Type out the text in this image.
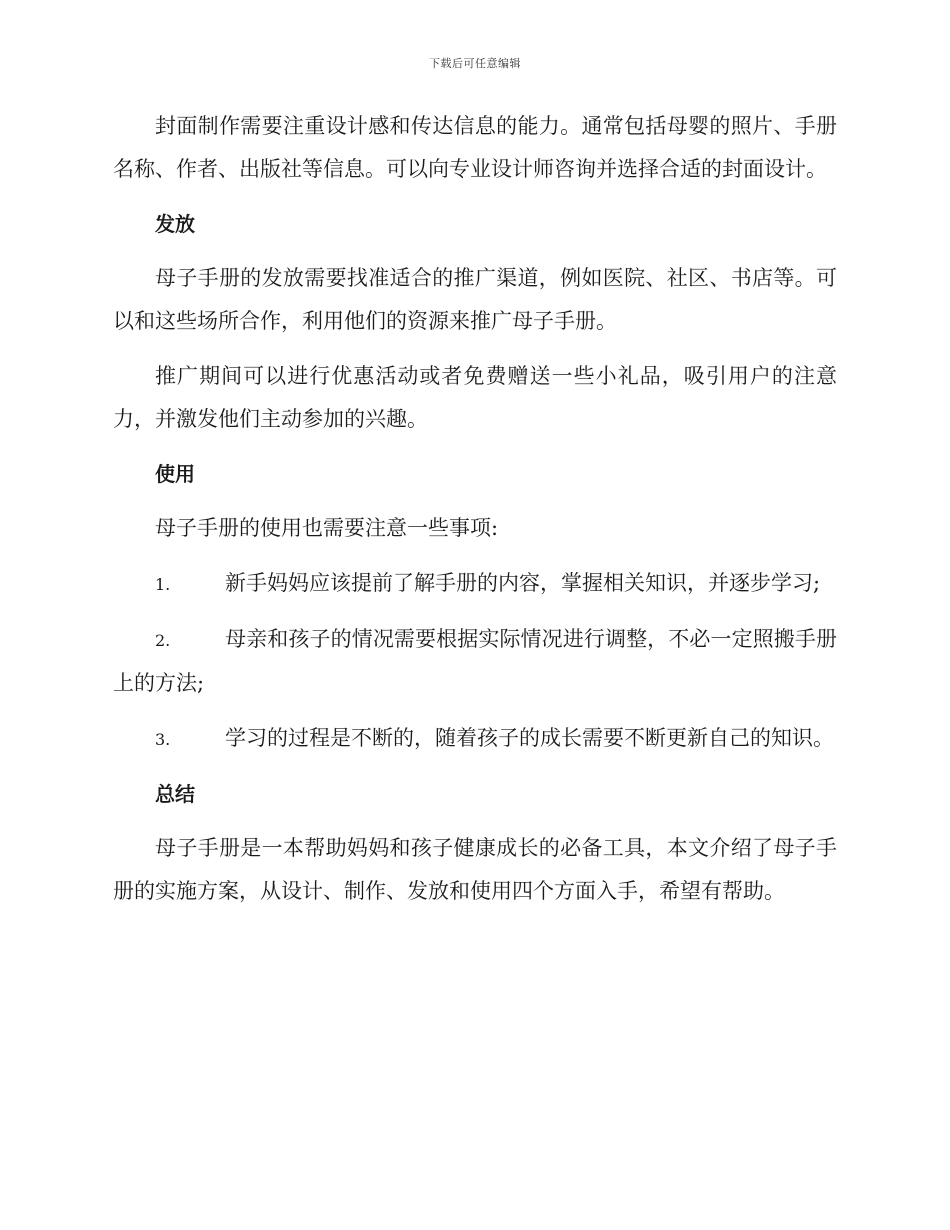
下载后可任意编辑

封面制作需要注重设计感和传达信息的能力。通常包括母婴的照片、手册名称、作者、出版社等信息。可以向专业设计师咨询并选择合适的封面设计。

发放

母子手册的发放需要找准适合的推广渠道，例如医院、社区、书店等。可以和这些场所合作，利用他们的资源来推广母子手册。

推广期间可以进行优惠活动或者免费赠送一些小礼品，吸引用户的注意力，并激发他们主动参加的兴趣。

使用

母子手册的使用也需要注意一些事项:

1.	新手妈妈应该提前了解手册的内容，掌握相关知识，并逐步学习;

2.	母亲和孩子的情况需要根据实际情况进行调整，不必一定照搬手册上的方法;

3.	学习的过程是不断的，随着孩子的成长需要不断更新自己的知识。

总结

母子手册是一本帮助妈妈和孩子健康成长的必备工具，本文介绍了母子手册的实施方案，从设计、制作、发放和使用四个方面入手，希望有帮助。
